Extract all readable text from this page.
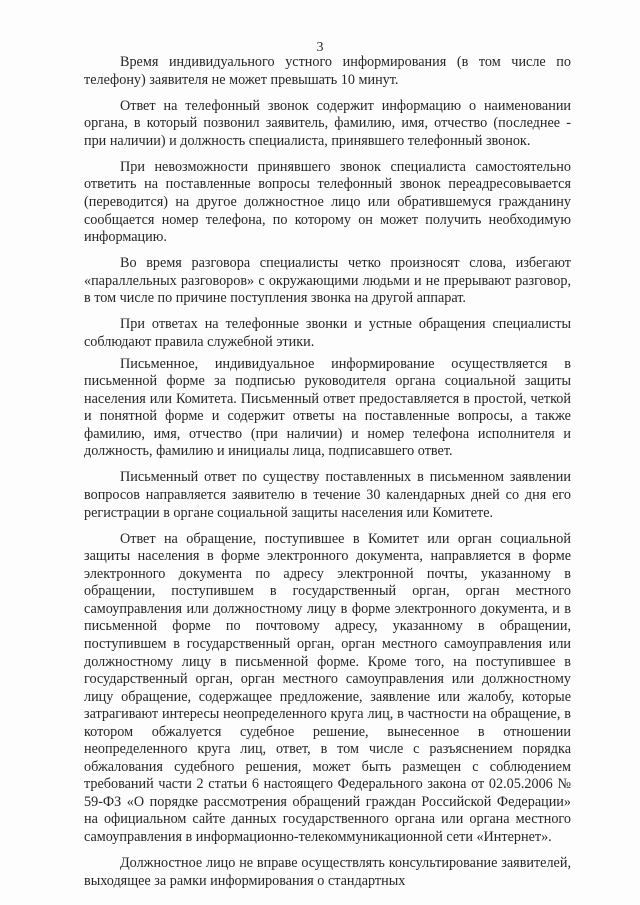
3

Время индивидуального устного информирования (в том числе по телефону) заявителя не может превышать 10 минут.

Ответ на телефонный звонок содержит информацию о наименовании органа, в который позвонил заявитель, фамилию, имя, отчество (последнее - при наличии) и должность специалиста, принявшего телефонный звонок.

При невозможности принявшего звонок специалиста самостоятельно ответить на поставленные вопросы телефонный звонок переадресовывается (переводится) на другое должностное лицо или обратившемуся гражданину сообщается номер телефона, по которому он может получить необходимую информацию.

Во время разговора специалисты четко произносят слова, избегают «параллельных разговоров» с окружающими людьми и не прерывают разговор, в том числе по причине поступления звонка на другой аппарат.

При ответах на телефонные звонки и устные обращения специалисты соблюдают правила служебной этики.

Письменное, индивидуальное информирование осуществляется в письменной форме за подписью руководителя органа социальной защиты населения или Комитета. Письменный ответ предоставляется в простой, четкой и понятной форме и содержит ответы на поставленные вопросы, а также фамилию, имя, отчество (при наличии) и номер телефона исполнителя и должность, фамилию и инициалы лица, подписавшего ответ.

Письменный ответ по существу поставленных в письменном заявлении вопросов направляется заявителю в течение 30 календарных дней со дня его регистрации в органе социальной защиты населения или Комитете.

Ответ на обращение, поступившее в Комитет или орган социальной защиты населения в форме электронного документа, направляется в форме электронного документа по адресу электронной почты, указанному в обращении, поступившем в государственный орган, орган местного самоуправления или должностному лицу в форме электронного документа, и в письменной форме по почтовому адресу, указанному в обращении, поступившем в государственный орган, орган местного самоуправления или должностному лицу в письменной форме. Кроме того, на поступившее в государственный орган, орган местного самоуправления или должностному лицу обращение, содержащее предложение, заявление или жалобу, которые затрагивают интересы неопределенного круга лиц, в частности на обращение, в котором обжалуется судебное решение, вынесенное в отношении неопределенного круга лиц, ответ, в том числе с разъяснением порядка обжалования судебного решения, может быть размещен с соблюдением требований части 2 статьи 6 настоящего Федерального закона от 02.05.2006 № 59-ФЗ «О порядке рассмотрения обращений граждан Российской Федерации» на официальном сайте данных государственного органа или органа местного самоуправления в информационно-телекоммуникационной сети «Интернет».

Должностное лицо не вправе осуществлять консультирование заявителей, выходящее за рамки информирования о стандартных
